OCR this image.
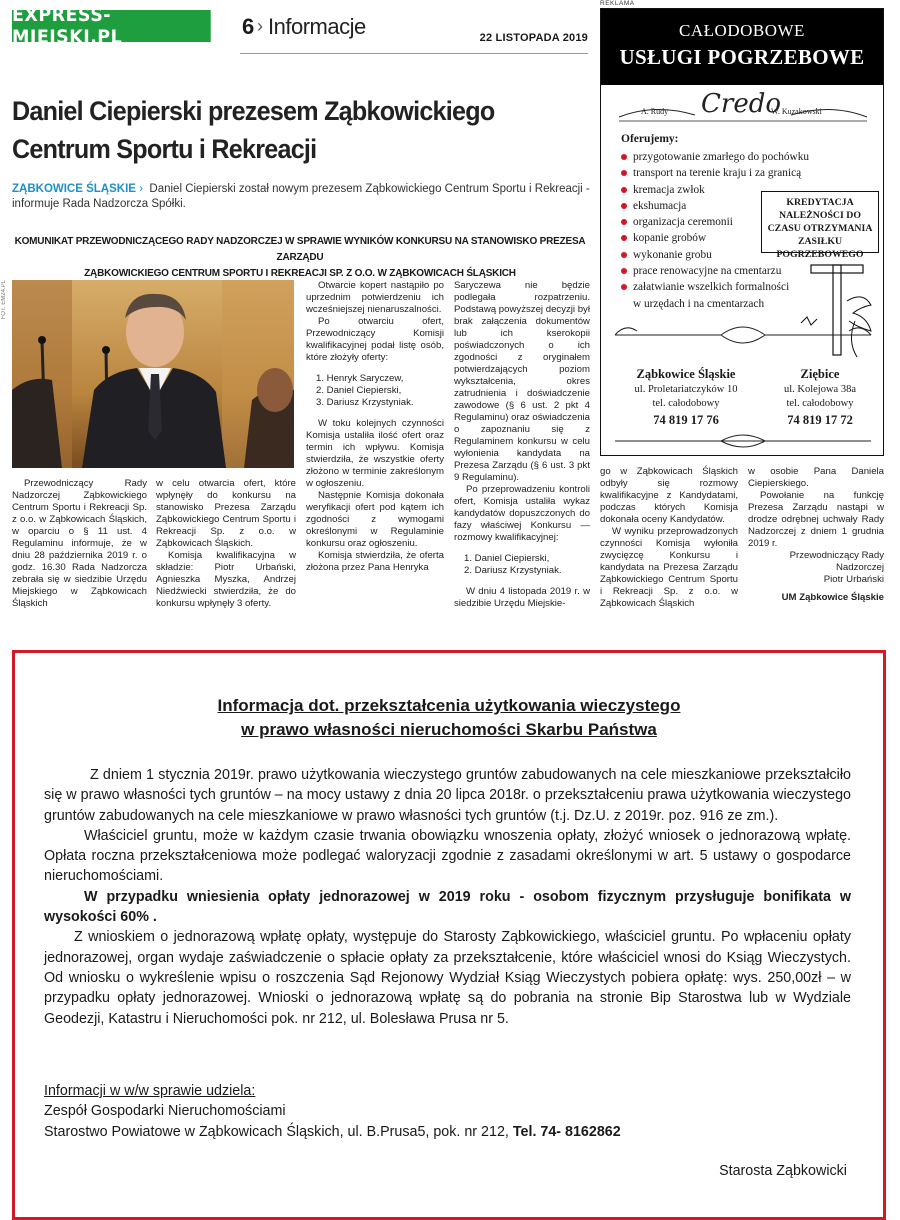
EXPRESS-MIEJSKI.PL	6 › Informacje	22 LISTOPADA 2019
Daniel Ciepierski prezesem Ząbkowickiego Centrum Sportu i Rekreacji
ZĄBKOWICE ŚLĄSKIE › Daniel Ciepierski został nowym prezesem Ząbkowickiego Centrum Sportu i Rekreacji - informuje Rada Nadzorcza Spółki.
KOMUNIKAT PRZEWODNICZĄCEGO RADY NADZORCZEJ W SPRAWIE WYNIKÓW KONKURSU NA STANOWISKO PREZESA ZARZĄDU
ZĄBKOWICKIEGO CENTRUM SPORTU I REKREACJI SP. Z O.O. W ZĄBKOWICACH ŚLĄSKICH
FOT. EM24.PL

Przewodniczący Rady Nadzorczej Ząbkowickiego Centrum Sportu i Rekreacji Sp. z o.o. w Ząbkowicach Śląskich, w oparciu o § 11 ust. 4 Regulaminu informuje, że w dniu 28 października 2019 r. o godz. 16.30 Rada Nadzorcza zebrała się w siedzibie Urzędu Miejskiego w Ząbkowicach Śląskich

w celu otwarcia ofert, które wpłynęły do konkursu na stanowisko Prezesa Zarządu Ząbkowickiego Centrum Sportu i Rekreacji Sp. z o.o. w Ząbkowicach Śląskich.

Komisja kwalifikacyjna w składzie: Piotr Urbański, Agnieszka Myszka, Andrzej Niedźwiecki stwierdziła, że do konkursu wpłynęły 3 oferty.

Otwarcie kopert nastąpiło po uprzednim potwierdzeniu ich wcześniejszej nienaruszalności.

Po otwarciu ofert, Przewodniczący Komisji kwalifikacyjnej podał listę osób, które złożyły oferty:

1. Henryk Saryczew,
2. Daniel Ciepierski,
3. Dariusz Krzystyniak.

W toku kolejnych czynności Komisja ustaliła ilość ofert oraz termin ich wpływu. Komisja stwierdziła, że wszystkie oferty złożono w terminie zakreślonym w ogłoszeniu.

Następnie Komisja dokonała weryfikacji ofert pod kątem ich zgodności z wymogami określonymi w Regulaminie konkursu oraz ogłoszeniu.

Komisja stwierdziła, że oferta złożona przez Pana Henryka

Saryczewa nie będzie podlegała rozpatrzeniu. Podstawą powyższej decyzji był brak załączenia dokumentów lub ich kserokopii poświadczonych o ich zgodności z oryginałem potwierdzających poziom wykształcenia, okres zatrudnienia i doświadczenie zawodowe (§ 6 ust. 2 pkt 4 Regulaminu) oraz oświadczenia o zapoznaniu się z Regulaminem konkursu w celu wyłonienia kandydata na Prezesa Zarządu (§ 6 ust. 3 pkt 9 Regulaminu).

Po przeprowadzeniu kontroli ofert, Komisja ustaliła wykaz kandydatów dopuszczonych do fazy właściwej Konkursu — rozmowy kwalifikacyjnej:

1. Daniel Ciepierski,
2. Dariusz Krzystyniak.

W dniu 4 listopada 2019 r. w siedzibie Urzędu Miejskie-

go w Ząbkowicach Śląskich odbyły się rozmowy kwalifikacyjne z Kandydatami, podczas których Komisja dokonała oceny Kandydatów.

W wyniku przeprowadzonych czynności Komisja wyłoniła zwycięzcę Konkursu i kandydata na Prezesa Zarządu Ząbkowickiego Centrum Sportu i Rekreacji Sp. z o.o. w Ząbkowicach Śląskich

w osobie Pana Daniela Ciepierskiego.

Powołanie na funkcję Prezesa Zarządu nastąpi w drodze odrębnej uchwały Rady Nadzorczej z dniem 1 grudnia 2019 r.

Przewodniczący Rady
Nadzorczej
Piotr Urbański
UM Ząbkowice Śląskie
REKLAMA
CAŁODOBOWE
USŁUGI POGRZEBOWE
A. Rudy Credo
W. Kuzakowski
Oferujemy:
przygotowanie zmarłego do pochówku
transport na terenie kraju i za granicą
kremacja zwłok
ekshumacja
organizacja ceremonii
kopanie grobów
wykonanie grobu
prace renowacyjne na cmentarzu
załatwianie wszelkich formalności
w urzędach i na cmentarzach
KREDYTACJA
NALEŻNOŚCI DO
CZASU OTRZYMANIA
ZASIŁKU
POGRZEBOWEGO
Ząbkowice Śląskie
ul. Proletariatczyków 10
tel. całodobowy
74 819 17 76
Ziębice
ul. Kolejowa 38a
tel. całodobowy
74 819 17 72
Informacja dot. przekształcenia użytkowania wieczystego
w prawo własności nieruchomości Skarbu Państwa

Z dniem 1 stycznia 2019r. prawo użytkowania wieczystego gruntów zabudowanych na cele mieszkaniowe przekształciło się w prawo własności tych gruntów – na mocy ustawy z dnia 20 lipca 2018r. o przekształceniu prawa użytkowania wieczystego gruntów zabudowanych na cele mieszkaniowe w prawo własności tych gruntów (t.j. Dz.U. z 2019r. poz. 916 ze zm.).

Właściciel gruntu, może w każdym czasie trwania obowiązku wnoszenia opłaty, złożyć wniosek o jednorazową wpłatę. Opłata roczna przekształceniowa może podlegać waloryzacji zgodnie z zasadami określonymi w art. 5 ustawy o gospodarce nieruchomościami.

W przypadku wniesienia opłaty jednorazowej w 2019 roku - osobom fizycznym przysługuje bonifikata w wysokości 60% .

Z wnioskiem o jednorazową wpłatę opłaty, występuje do Starosty Ząbkowickiego, właściciel gruntu. Po wpłaceniu opłaty jednorazowej, organ wydaje zaświadczenie o spłacie opłaty za przekształcenie, które właściciel wnosi do Ksiąg Wieczystych. Od wniosku o wykreślenie wpisu o roszczenia Sąd Rejonowy Wydział Ksiąg Wieczystych pobiera opłatę: wys. 250,00zł – w przypadku opłaty jednorazowej. Wnioski o jednorazową wpłatę są do pobrania na stronie Bip Starostwa lub w Wydziale Geodezji, Katastru i Nieruchomości pok. nr 212, ul. Bolesława Prusa nr 5.

Informacji w w/w sprawie udziela:
Zespół Gospodarki Nieruchomościami
Starostwo Powiatowe w Ząbkowicach Śląskich, ul. B.Prusa5, pok. nr 212, Tel. 74- 8162862
Starosta Ząbkowicki
